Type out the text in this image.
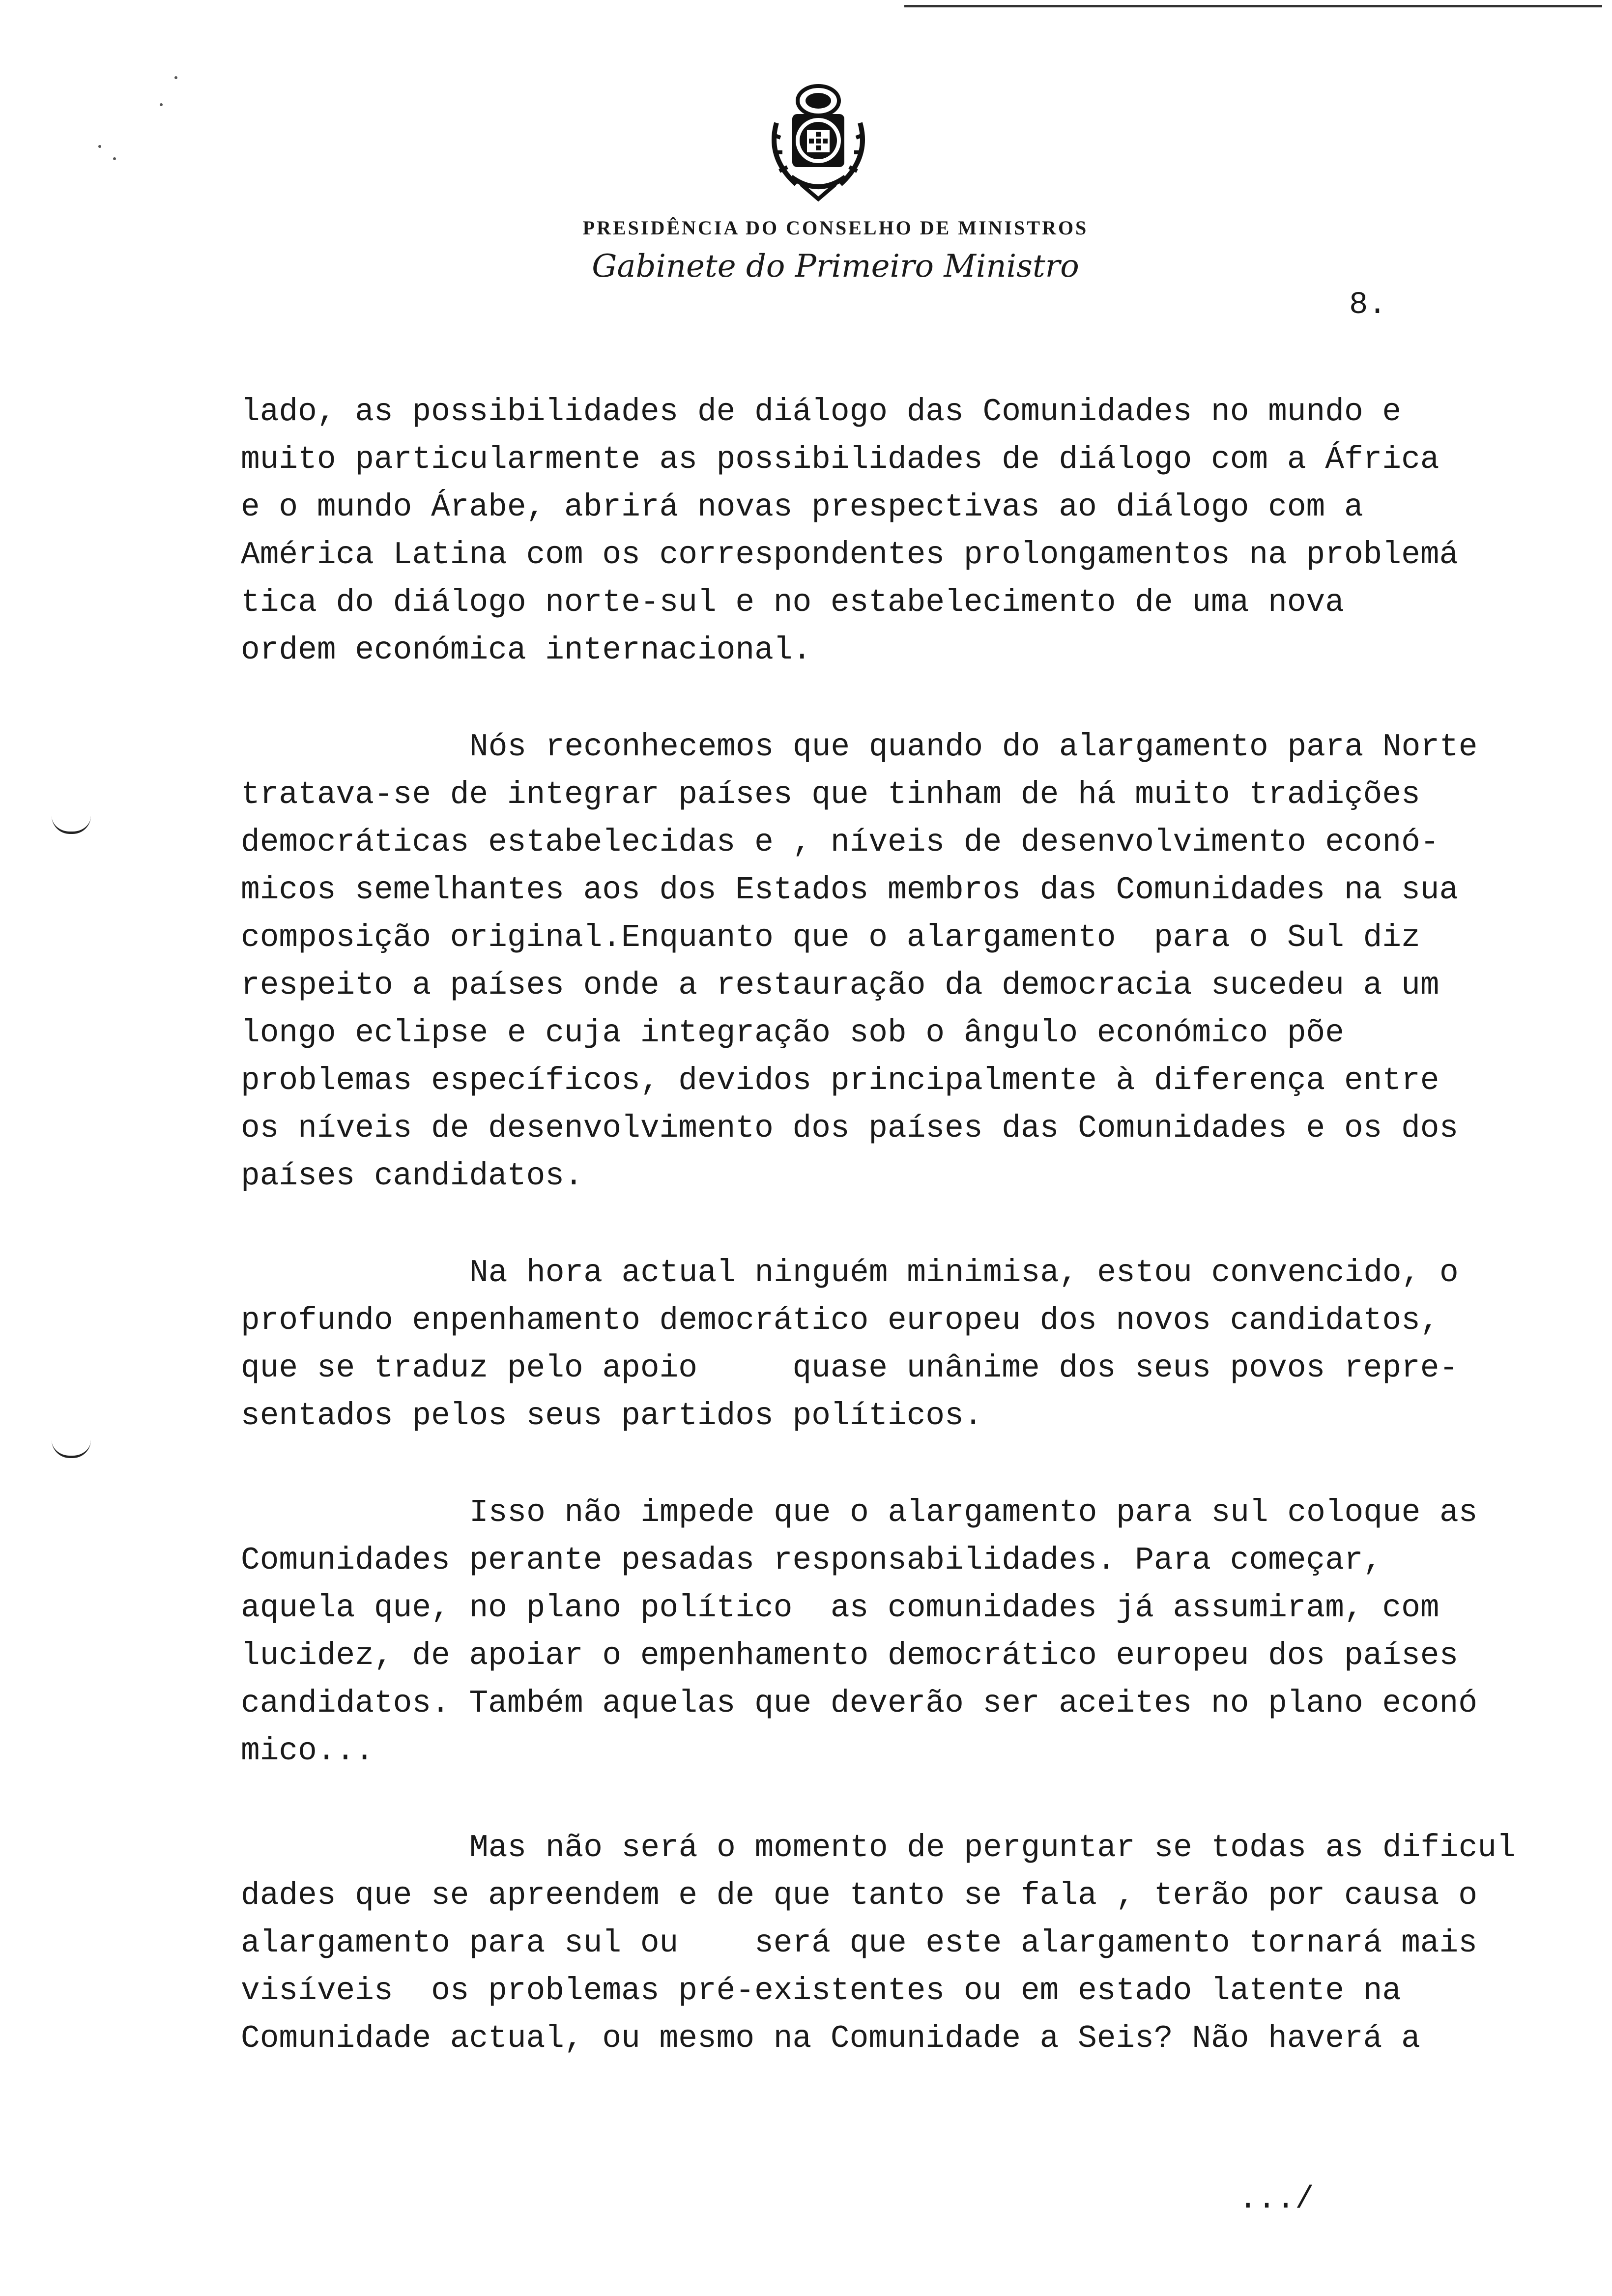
PRESIDÊNCIA DO CONSELHO DE MINISTROS
Gabinete do Primeiro Ministro
8.

lado, as possibilidades de diálogo das Comunidades no mundo e
muito particularmente as possibilidades de diálogo com a África
e o mundo Árabe, abrirá novas prespectivas ao diálogo com a
América Latina com os correspondentes prolongamentos na problemá
tica do diálogo norte-sul e no estabelecimento de uma nova
ordem económica internacional.

Nós reconhecemos que quando do alargamento para Norte
tratava-se de integrar países que tinham de há muito tradições
democráticas estabelecidas e , níveis de desenvolvimento econó-
micos semelhantes aos dos Estados membros das Comunidades na sua
composição original.Enquanto que o alargamento  para o Sul diz
respeito a países onde a restauração da democracia sucedeu a um
longo eclipse e cuja integração sob o ângulo económico põe
problemas específicos, devidos principalmente à diferença entre
os níveis de desenvolvimento dos países das Comunidades e os dos
países candidatos.

Na hora actual ninguém minimisa, estou convencido, o
profundo enpenhamento democrático europeu dos novos candidatos,
que se traduz pelo apoio     quase unânime dos seus povos repre-
sentados pelos seus partidos políticos.

Isso não impede que o alargamento para sul coloque as
Comunidades perante pesadas responsabilidades. Para começar,
aquela que, no plano político  as comunidades já assumiram, com
lucidez, de apoiar o empenhamento democrático europeu dos países
candidatos. Também aquelas que deverão ser aceites no plano econó
mico...

Mas não será o momento de perguntar se todas as dificul
dades que se apreendem e de que tanto se fala , terão por causa o
alargamento para sul ou    será que este alargamento tornará mais
visíveis  os problemas pré-existentes ou em estado latente na
Comunidade actual, ou mesmo na Comunidade a Seis? Não haverá a

.../
